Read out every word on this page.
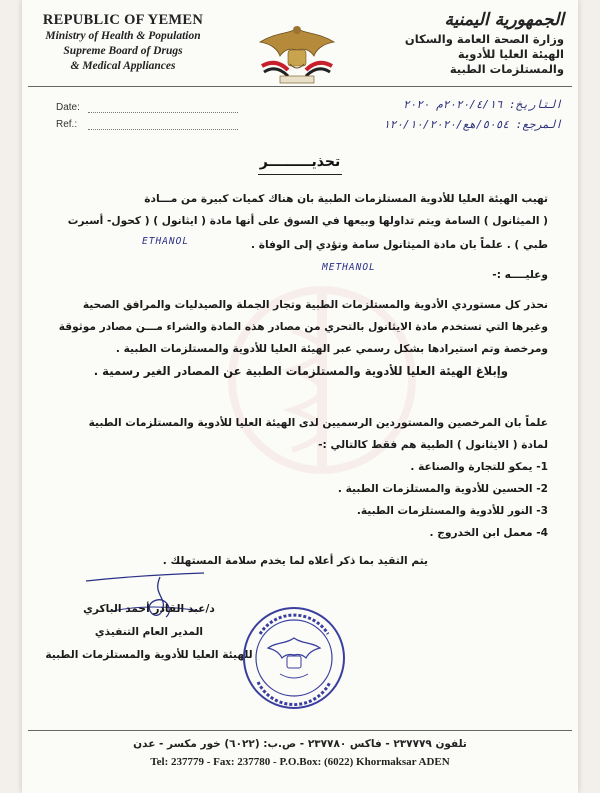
REPUBLIC OF YEMEN
Ministry of Health & Population
Supreme Board of Drugs
& Medical Appliances
الجمهورية اليمنية
وزارة الصحة العامة والسكان
الهيئة العليا للأدوية
والمستلزمات الطبية
Date:
Ref.:
التاريخ: ٢٠٢٠/٤/١٦م ٢٠٢٠
المرجع: ٥٠٥٤/هع/١٢٠/١٠/٢٠٢٠
تحذيـــــــــر
تهيب الهيئة العليا للأدوية المستلزمات الطبية بان هناك كميات كبيرة من مـــادة
( الميثانول ) السامة ويتم تداولها وبيعها في السوق على أنها مادة ( ايثانول ) ( كحول- أسبرت
طبي ) . علماً بان مادة الميثانول سامة وتؤدي إلى الوفاة .
وعليــــه :-
ETHANOL
METHANOL
نحذر كل مستوردي الأدوية والمستلزمات الطبية وتجار الجملة والصيدليات والمرافق الصحية
وغيرها التي تستخدم مادة الايثانول بالتحري من مصادر هذه المادة والشراء مـــن مصادر موثوقة
ومرخصة وتم استيرادها بشكل رسمي عبر الهيئة العليا للأدوية والمستلزمات الطبية .
وإبلاغ الهيئة العليا للأدوية والمستلزمات الطبية عن المصادر الغير رسمية .
علماً بان المرخصين والمستوردين الرسميين لدى الهيئة العليا للأدوية والمستلزمات الطبية
لمادة ( الايثانول ) الطبية هم فقط كالتالي :-
1- يمكو للتجارة والصناعة .
2- الحسين للأدوية والمستلزمات الطبية .
3- النور للأدوية والمستلزمات الطبية.
4- معمل ابن الخدروج .
يتم التقيد بما ذكر أعلاه لما يخدم سلامة المستهلك .
د/عبد القادر أحمد الباكري
المدير العام التنفيذي
للهيئة العليا للأدوية والمستلزمات الطبية
تلفون ٢٣٧٧٧٩ - فاكس ٢٣٧٧٨٠ - ص.ب: (٦٠٢٢) خور مكسر - عدن
Tel: 237779 - Fax: 237780 - P.O.Box: (6022) Khormaksar ADEN
